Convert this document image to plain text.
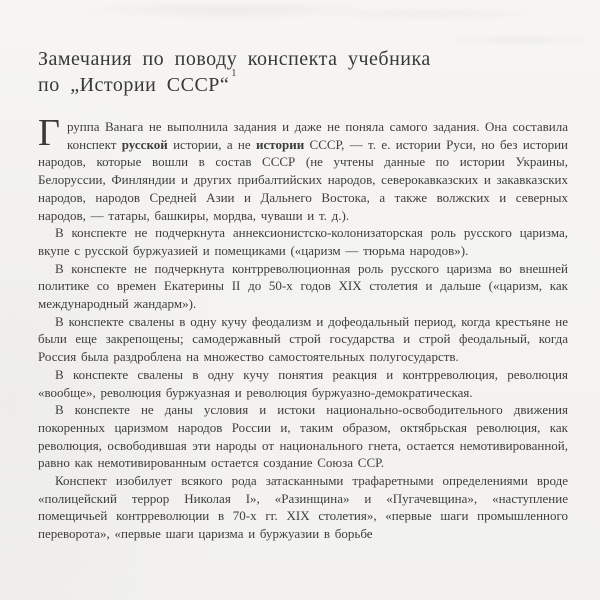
Замечания по поводу конспекта учебника
по „Истории СССР“$^1$

Группа Ванага не выполнила задания и даже не поняла самого задания. Она составила конспект русской истории, а не истории СССР, — т. е. истории Руси, но без истории народов, которые вошли в состав СССР (не учтены данные по истории Украины, Белоруссии, Финляндии и других прибалтийских народов, северокавказских и закавказских народов, народов Средней Азии и Дальнего Востока, а также волжских и северных народов, — татары, башкиры, мордва, чуваши и т. д.).

В конспекте не подчеркнута аннексионистско-колонизаторская роль русского царизма, вкупе с русской буржуазией и помещиками («царизм — тюрьма народов»).

В конспекте не подчеркнута контрреволюционная роль русского царизма во внешней политике со времен Екатерины II до 50-х годов XIX столетия и дальше («царизм, как международный жандарм»).

В конспекте свалены в одну кучу феодализм и дофеодальный период, когда крестьяне не были еще закрепощены; самодержавный строй государства и строй феодальный, когда Россия была раздроблена на множество самостоятельных полугосударств.

В конспекте свалены в одну кучу понятия реакция и контрреволюция, революция «вообще», революция буржуазная и революция буржуазно-демократическая.

В конспекте не даны условия и истоки национально-освободительного движения покоренных царизмом народов России и, таким образом, октябрьская революция, как революция, освободившая эти народы от национального гнета, остается немотивированной, равно как немотивированным остается создание Союза ССР.

Конспект изобилует всякого рода затасканными трафаретными определениями вроде «полицейский террор Николая I», «Разинщина» и «Пугачевщина», «наступление помещичьей контрреволюции в 70-х гг. XIX столетия», «первые шаги промышленного переворота», «первые шаги царизма и буржуазии в борьбе
